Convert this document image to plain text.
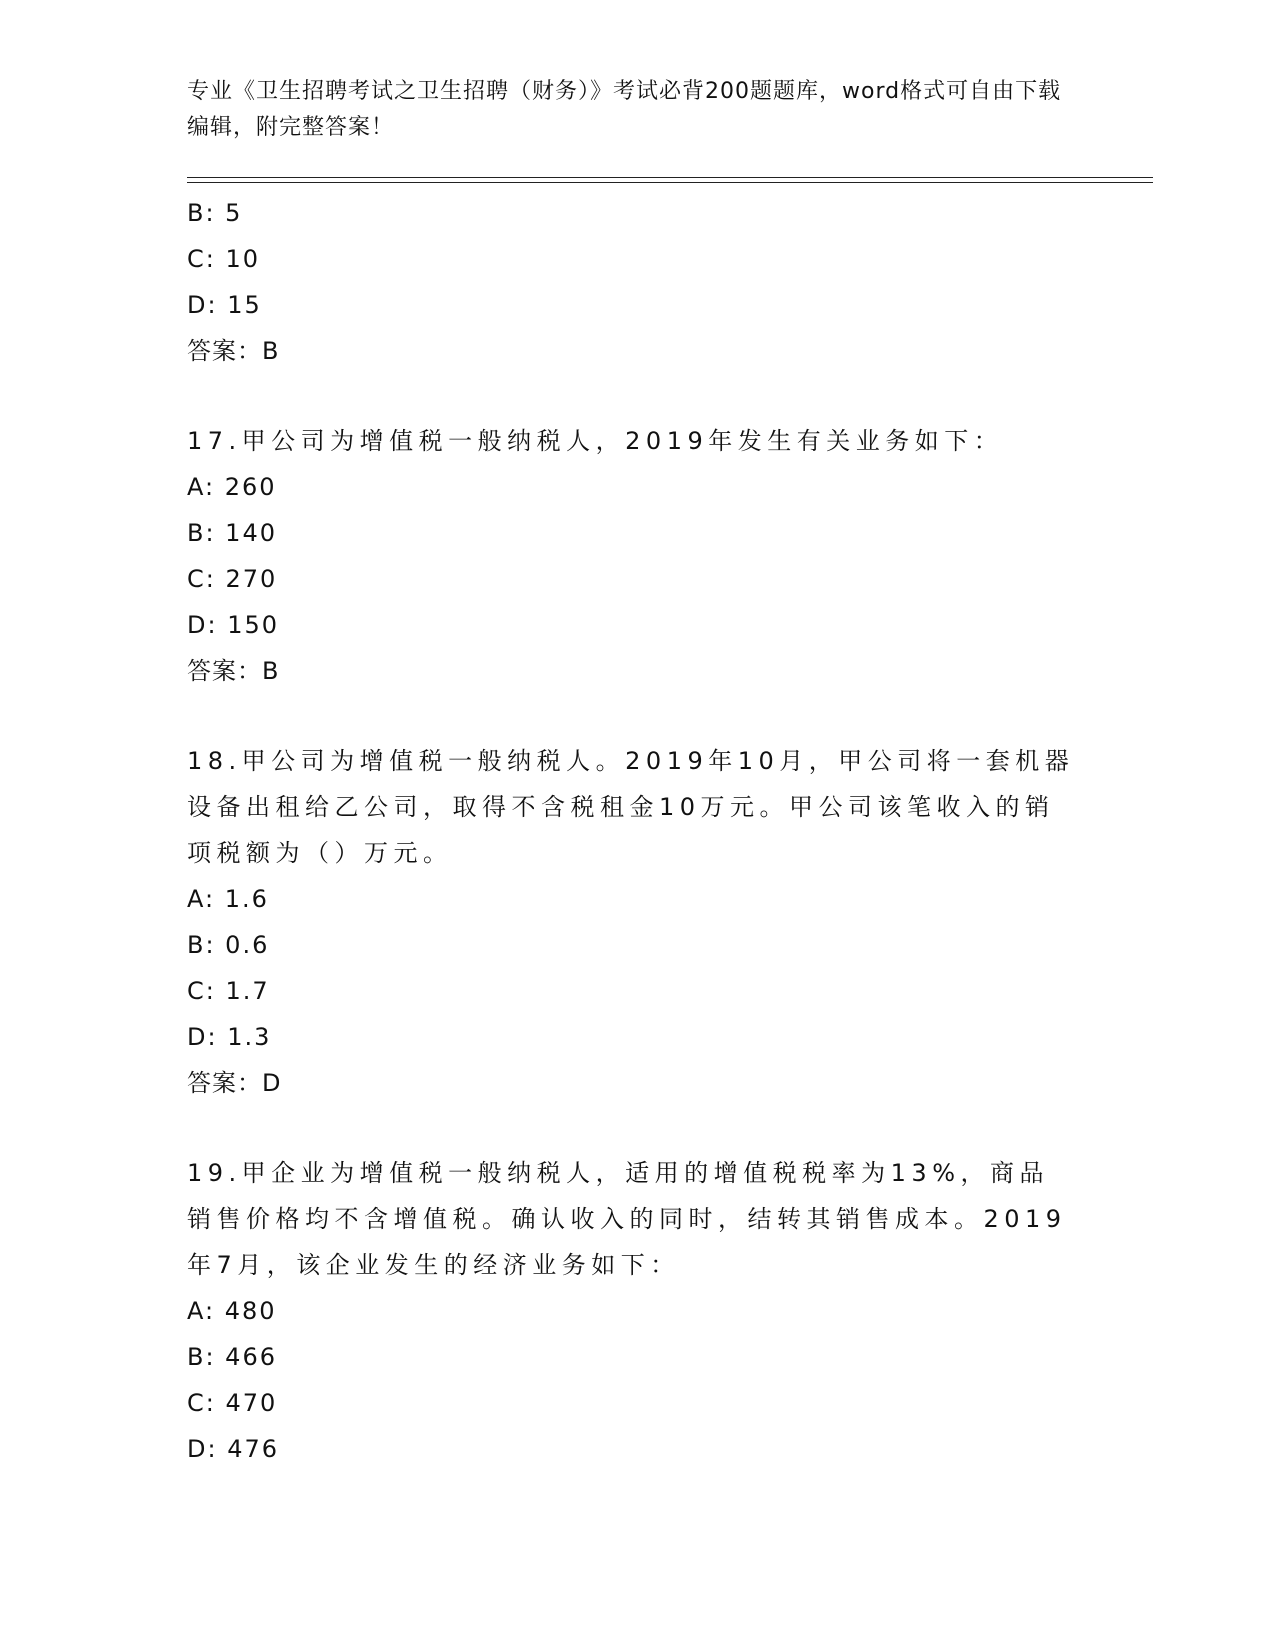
专业《卫生招聘考试之卫生招聘（财务）》考试必背200题题库，word格式可自由下载编辑，附完整答案！
B: 5
C: 10
D: 15
答案：B
17.甲公司为增值税一般纳税人，2019年发生有关业务如下：
A: 260
B: 140
C: 270
D: 150
答案：B
18.甲公司为增值税一般纳税人。2019年10月，甲公司将一套机器设备出租给乙公司，取得不含税租金10万元。甲公司该笔收入的销项税额为（）万元。
A: 1.6
B: 0.6
C: 1.7
D: 1.3
答案：D
19.甲企业为增值税一般纳税人，适用的增值税税率为13%，商品销售价格均不含增值税。确认收入的同时，结转其销售成本。2019年7月，该企业发生的经济业务如下：
A: 480
B: 466
C: 470
D: 476
